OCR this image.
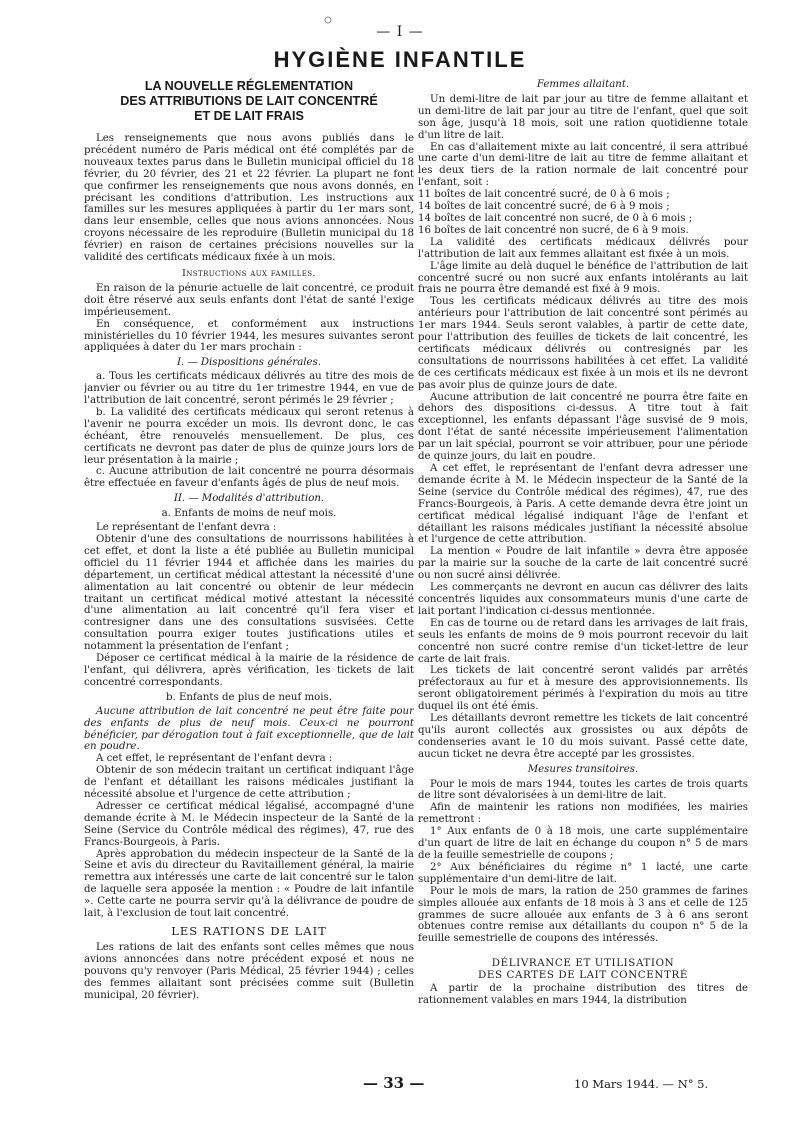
— I —
HYGIÈNE INFANTILE
LA NOUVELLE RÉGLEMENTATION
DES ATTRIBUTIONS DE LAIT CONCENTRÉ
ET DE LAIT FRAIS

Les renseignements que nous avons publiés dans le précédent numéro de Paris médical ont été complétés par de nouveaux textes parus dans le Bulletin municipal officiel du 18 février, du 20 février, des 21 et 22 février. La plupart ne font que confirmer les renseignements que nous avons donnés, en précisant les conditions d'attribution. Les instructions aux familles sur les mesures appliquées à partir du 1er mars sont, dans leur ensemble, celles que nous avions annoncées. Nous croyons nécessaire de les reproduire (Bulletin municipal du 18 février) en raison de certaines précisions nouvelles sur la validité des certificats médicaux fixée à un mois.

Instructions aux familles.

En raison de la pénurie actuelle de lait concentré, ce produit doit être réservé aux seuls enfants dont l'état de santé l'exige impérieusement.

En conséquence, et conformément aux instructions ministérielles du 10 février 1944, les mesures suivantes seront appliquées à dater du 1er mars prochain :

I. — Dispositions générales.

a. Tous les certificats médicaux délivrés au titre des mois de janvier ou février ou au titre du 1er trimestre 1944, en vue de l'attribution de lait concentré, seront périmés le 29 février ;

b. La validité des certificats médicaux qui seront retenus à l'avenir ne pourra excéder un mois. Ils devront donc, le cas échéant, être renouvelés mensuellement. De plus, ces certificats ne devront pas dater de plus de quinze jours lors de leur présentation à la mairie ;

c. Aucune attribution de lait concentré ne pourra désormais être effectuée en faveur d'enfants âgés de plus de neuf mois.

II. — Modalités d'attribution.
a. Enfants de moins de neuf mois.

Le représentant de l'enfant devra :

Obtenir d'une des consultations de nourrissons habilitées à cet effet, et dont la liste a été publiée au Bulletin municipal officiel du 11 février 1944 et affichée dans les mairies du département, un certificat médical attestant la nécessité d'une alimentation au lait concentré ou obtenir de leur médecin traitant un certificat médical motivé attestant la nécessité d'une alimentation au lait concentré qu'il fera viser et contresigner dans une des consultations susvisées. Cette consultation pourra exiger toutes justifications utiles et notamment la présentation de l'enfant ;

Déposer ce certificat médical à la mairie de la résidence de l'enfant, qui délivrera, après vérification, les tickets de lait concentré correspondants.

b. Enfants de plus de neuf mois.

Aucune attribution de lait concentré ne peut être faite pour des enfants de plus de neuf mois. Ceux-ci ne pourront bénéficier, par dérogation tout à fait exceptionnelle, que de lait en poudre.

A cet effet, le représentant de l'enfant devra :

Obtenir de son médecin traitant un certificat indiquant l'âge de l'enfant et détaillant les raisons médicales justifiant la nécessité absolue et l'urgence de cette attribution ;

Adresser ce certificat médical légalisé, accompagné d'une demande écrite à M. le Médecin inspecteur de la Santé de la Seine (Service du Contrôle médical des régimes), 47, rue des Francs-Bourgeois, à Paris.

Après approbation du médecin inspecteur de la Santé de la Seine et avis du directeur du Ravitaillement général, la mairie remettra aux intéressés une carte de lait concentré sur le talon de laquelle sera apposée la mention : « Poudre de lait infantile ». Cette carte ne pourra servir qu'à la délivrance de poudre de lait, à l'exclusion de tout lait concentré.

LES RATIONS DE LAIT

Les rations de lait des enfants sont celles mêmes que nous avions annoncées dans notre précédent exposé et nous ne pouvons qu'y renvoyer (Paris Médical, 25 février 1944) ; celles des femmes allaitant sont précisées comme suit (Bulletin municipal, 20 février).

Femmes allaitant.

Un demi-litre de lait par jour au titre de femme allaitant et un demi-litre de lait par jour au titre de l'enfant, quel que soit son âge, jusqu'à 18 mois, soit une ration quotidienne totale d'un litre de lait.

En cas d'allaitement mixte au lait concentré, il sera attribué une carte d'un demi-litre de lait au titre de femme allaitant et les deux tiers de la ration normale de lait concentré pour l'enfant, soit :

11 boîtes de lait concentré sucré, de 0 à 6 mois ;

14 boîtes de lait concentré sucré, de 6 à 9 mois ;

14 boîtes de lait concentré non sucré, de 0 à 6 mois ;

16 boîtes de lait concentré non sucré, de 6 à 9 mois.

La validité des certificats médicaux délivrés pour l'attribution de lait aux femmes allaitant est fixée à un mois.

L'âge limite au delà duquel le bénéfice de l'attribution de lait concentré sucré ou non sucré aux enfants intolérants au lait frais ne pourra être demandé est fixé à 9 mois.

Tous les certificats médicaux délivrés au titre des mois antérieurs pour l'attribution de lait concentré sont périmés au 1er mars 1944. Seuls seront valables, à partir de cette date, pour l'attribution des feuilles de tickets de lait concentré, les certificats médicaux délivrés ou contresignés par les consultations de nourrissons habilitées à cet effet. La validité de ces certificats médicaux est fixée à un mois et ils ne devront pas avoir plus de quinze jours de date.

Aucune attribution de lait concentré ne pourra être faite en dehors des dispositions ci-dessus. A titre tout à fait exceptionnel, les enfants dépassant l'âge susvisé de 9 mois, dont l'état de santé nécessite impérieusement l'alimentation par un lait spécial, pourront se voir attribuer, pour une période de quinze jours, du lait en poudre.

A cet effet, le représentant de l'enfant devra adresser une demande écrite à M. le Médecin inspecteur de la Santé de la Seine (service du Contrôle médical des régimes), 47, rue des Francs-Bourgeois, à Paris. A cette demande devra être joint un certificat médical légalisé indiquant l'âge de l'enfant et détaillant les raisons médicales justifiant la nécessité absolue et l'urgence de cette attribution.

La mention « Poudre de lait infantile » devra être apposée par la mairie sur la souche de la carte de lait concentré sucré ou non sucré ainsi délivrée.

Les commerçants ne devront en aucun cas délivrer des laits concentrés liquides aux consommateurs munis d'une carte de lait portant l'indication ci-dessus mentionnée.

En cas de tourne ou de retard dans les arrivages de lait frais, seuls les enfants de moins de 9 mois pourront recevoir du lait concentré non sucré contre remise d'un ticket-lettre de leur carte de lait frais.

Les tickets de lait concentré seront validés par arrêtés préfectoraux au fur et à mesure des approvisionnements. Ils seront obligatoirement périmés à l'expiration du mois au titre duquel ils ont été émis.

Les détaillants devront remettre les tickets de lait concentré qu'ils auront collectés aux grossistes ou aux dépôts de condenseries avant le 10 du mois suivant. Passé cette date, aucun ticket ne devra être accepté par les grossistes.

Mesures transitoires.

Pour le mois de mars 1944, toutes les cartes de trois quarts de litre sont dévalorisées à un demi-litre de lait.

Afin de maintenir les rations non modifiées, les mairies remettront :

1° Aux enfants de 0 à 18 mois, une carte supplémentaire d'un quart de litre de lait en échange du coupon n° 5 de mars de la feuille semestrielle de coupons ;

2° Aux bénéficiaires du régime n° 1 lacté, une carte supplémentaire d'un demi-litre de lait.

Pour le mois de mars, la ration de 250 grammes de farines simples allouée aux enfants de 18 mois à 3 ans et celle de 125 grammes de sucre allouée aux enfants de 3 à 6 ans seront obtenues contre remise aux détaillants du coupon n° 5 de la feuille semestrielle de coupons des intéressés.

DÉLIVRANCE ET UTILISATION
DES CARTES DE LAIT CONCENTRÉ

A partir de la prochaine distribution des titres de rationnement valables en mars 1944, la distribution

— 33 —	10 Mars 1944. — N° 5.
